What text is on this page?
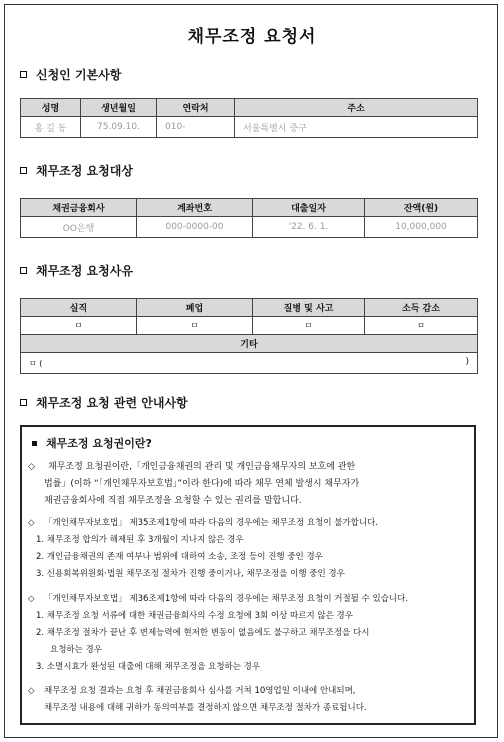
채무조정 요청서
신청인 기본사항
성명	생년월일	연락처	주소
홍 길 동	75.09.10.	010-	서울특별시 중구
채무조정 요청대상
채권금융회사	계좌번호	대출일자	잔액(원)
OO은행	000-0000-00	'22. 6. 1.	10,000,000
채무조정 요청사유
실직	폐업	질병 및 사고	소득 감소
ㅁ	ㅁ	ㅁ	ㅁ
기타			
ㅁ ( )			
채무조정 요청 관련 안내사항
채무조정 요청권이란?
◇ 채무조정 요청권이란,「개인금융채권의 관리 및 개인금융채무자의 보호에 관한
법률」(이하 “「개인채무자보호법」”이라 한다)에 따라 채무 연체 발생시 채무자가
채권금융회사에 직접 채무조정을 요청할 수 있는 권리를 말합니다.
◇ 「개인채무자보호법」 제35조제1항에 따라 다음의 경우에는 채무조정 요청이 불가합니다.
1. 채무조정 합의가 해제된 후 3개월이 지나지 않은 경우
2. 개인금융채권의 존재 여부나 범위에 대하여 소송, 조정 등이 진행 중인 경우
3. 신용회복위원회·법원 채무조정 절차가 진행 중이거나, 채무조정을 이행 중인 경우
◇ 「개인채무자보호법」 제36조제1항에 따라 다음의 경우에는 채무조정 요청이 거절될 수 있습니다.
1. 채무조정 요청 서류에 대한 채권금융회사의 수정 요청에 3회 이상 따르지 않은 경우
2. 채무조정 절차가 끝난 후 변제능력에 현저한 변동이 없음에도 불구하고 채무조정을 다시
요청하는 경우
3. 소멸시효가 완성된 대출에 대해 채무조정을 요청하는 경우
◇ 채무조정 요청 결과는 요청 후 채권금융회사 심사를 거쳐 10영업일 이내에 안내되며,
채무조정 내용에 대해 귀하가 동의여부를 결정하지 않으면 채무조정 절차가 종료됩니다.
